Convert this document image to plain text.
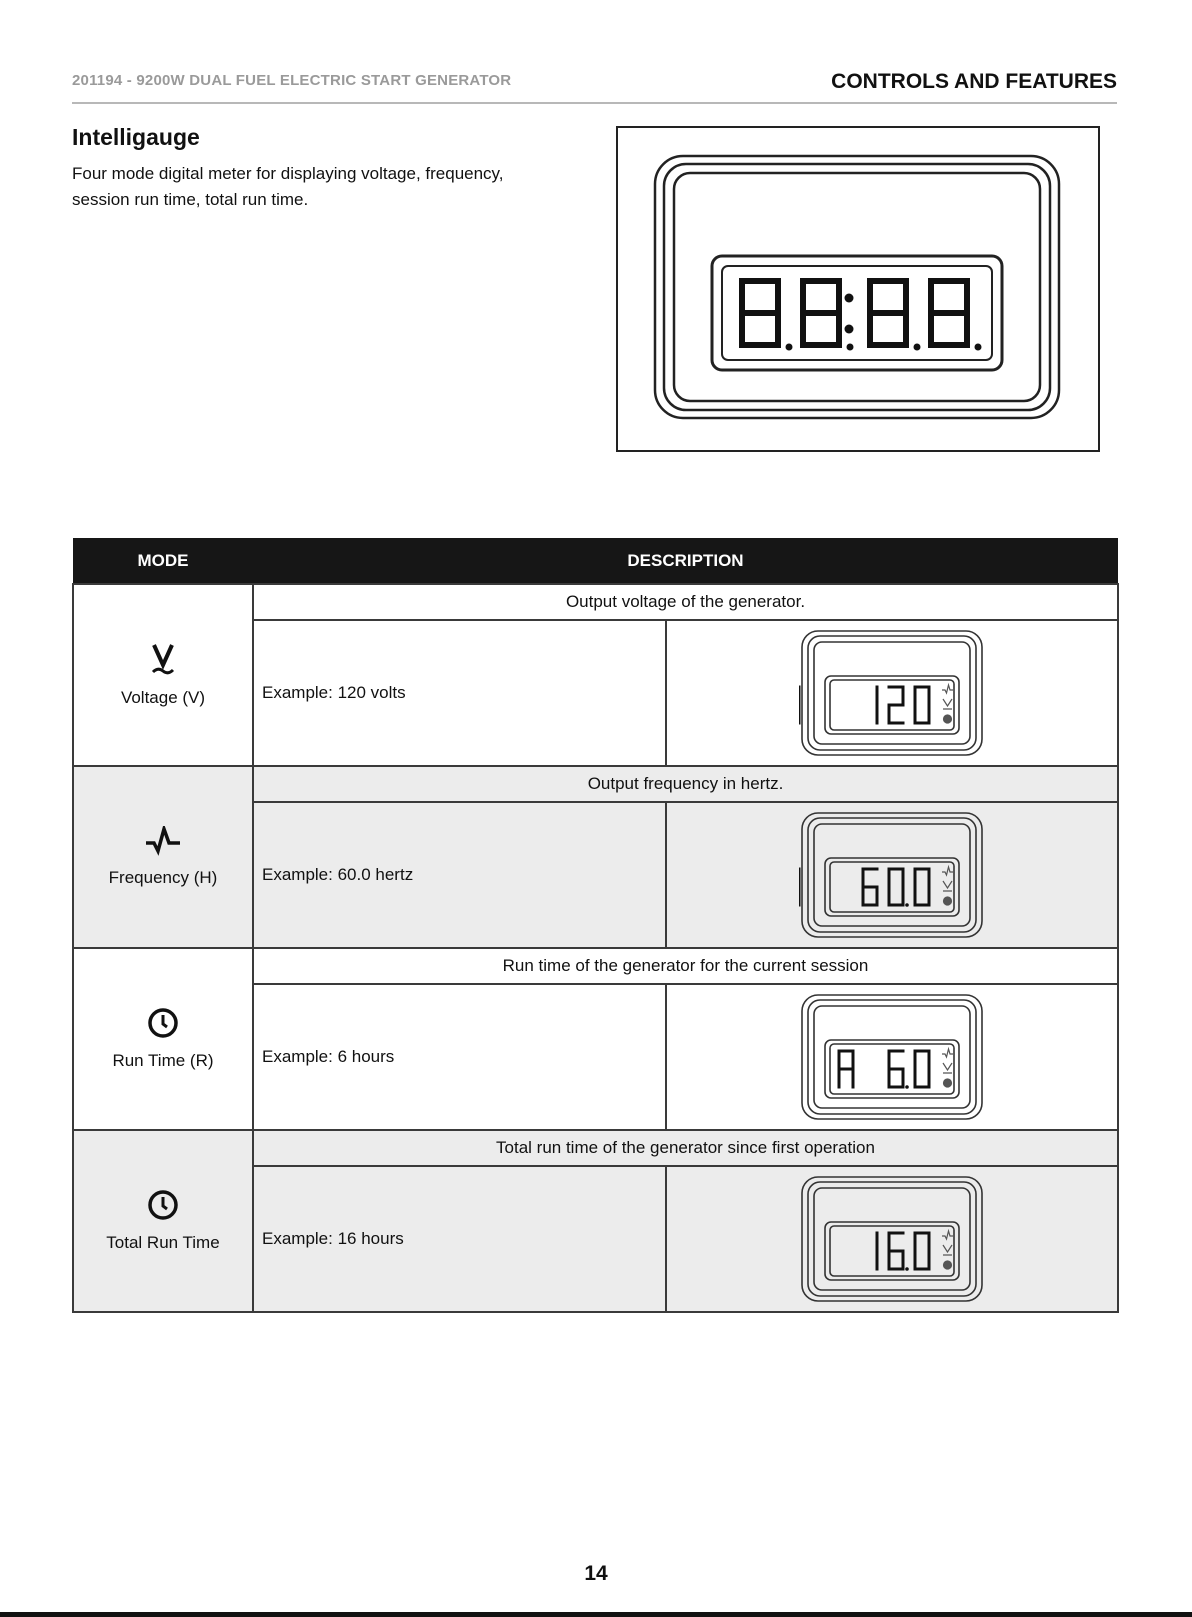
201194 - 9200W DUAL FUEL ELECTRIC START GENERATOR	CONTROLS AND FEATURES
Intelligauge

Four mode digital meter for displaying voltage, frequency, session run time, total run time.

MODE	DESCRIPTION	

Voltage (V)	Output voltage of the generator.	
	Example: 120 volts	

Frequency (H)	Output frequency in hertz.	
	Example: 60.0 hertz	

Run Time (R)	Run time of the generator for the current session	
	Example: 6 hours	

Total Run Time	Total run time of the generator since first operation	
	Example: 16 hours	
14
